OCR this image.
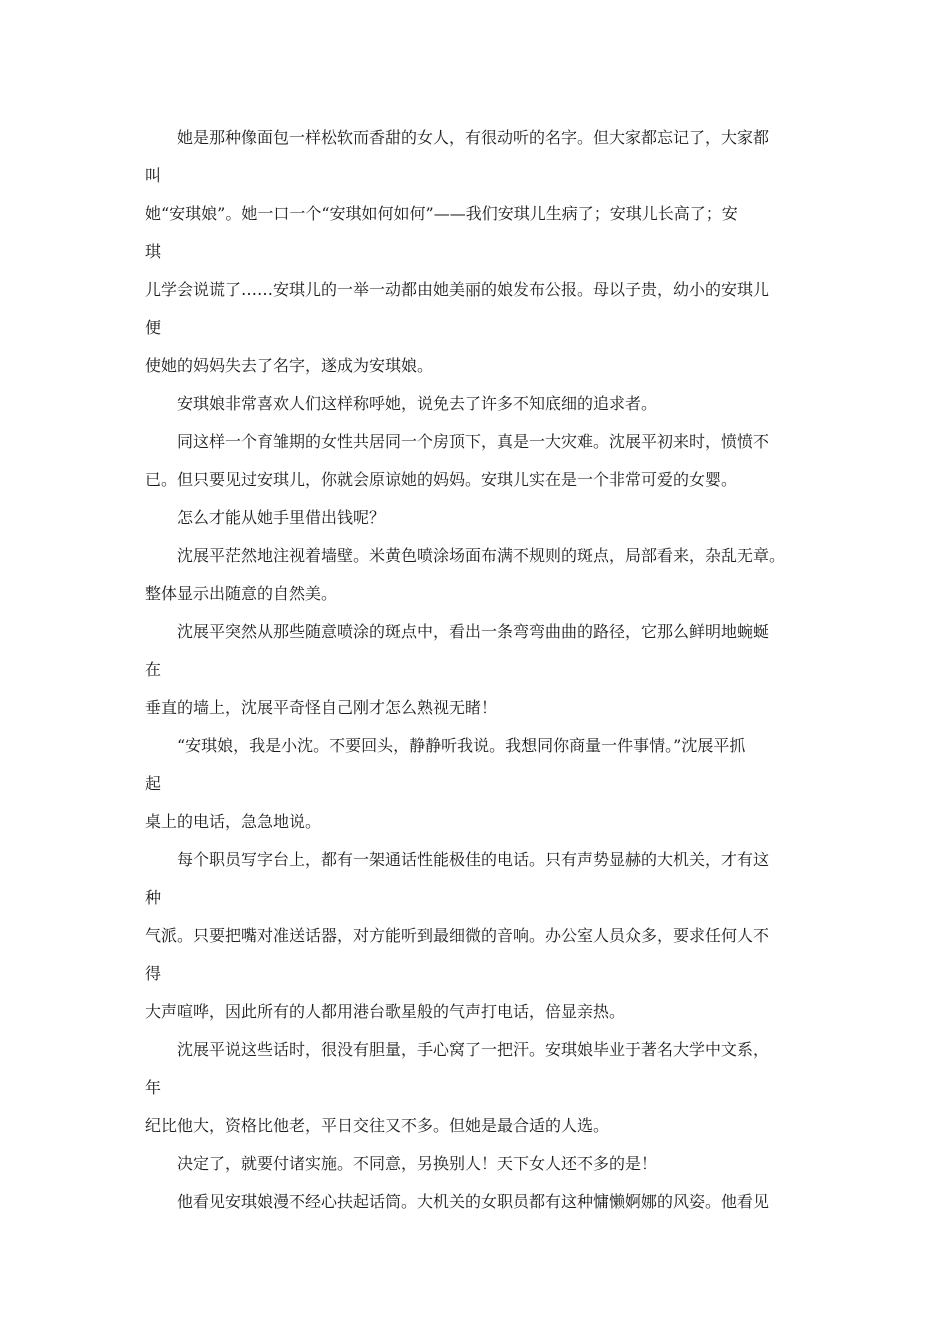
她是那种像面包一样松软而香甜的女人，有很动听的名字。但大家都忘记了，大家都
叫
她“安琪娘”。她一口一个“安琪如何如何”——我们安琪儿生病了；安琪儿长高了；安
琪
儿学会说谎了……安琪儿的一举一动都由她美丽的娘发布公报。母以子贵，幼小的安琪儿
便
使她的妈妈失去了名字，遂成为安琪娘。
安琪娘非常喜欢人们这样称呼她，说免去了许多不知底细的追求者。
同这样一个育雏期的女性共居同一个房顶下，真是一大灾难。沈展平初来时，愤愤不
已。但只要见过安琪儿，你就会原谅她的妈妈。安琪儿实在是一个非常可爱的女婴。
怎么才能从她手里借出钱呢？
沈展平茫然地注视着墙壁。米黄色喷涂场面布满不规则的斑点，局部看来，杂乱无章。
整体显示出随意的自然美。
沈展平突然从那些随意喷涂的斑点中，看出一条弯弯曲曲的路径，它那么鲜明地蜿蜒
在
垂直的墙上，沈展平奇怪自己刚才怎么熟视无睹！
“安琪娘，我是小沈。不要回头，静静听我说。我想同你商量一件事情。”沈展平抓
起
桌上的电话，急急地说。
每个职员写字台上，都有一架通话性能极佳的电话。只有声势显赫的大机关，才有这
种
气派。只要把嘴对准送话器，对方能听到最细微的音响。办公室人员众多，要求任何人不
得
大声喧哗，因此所有的人都用港台歌星般的气声打电话，倍显亲热。
沈展平说这些话时，很没有胆量，手心窝了一把汗。安琪娘毕业于著名大学中文系，
年
纪比他大，资格比他老，平日交往又不多。但她是最合适的人选。
决定了，就要付诸实施。不同意，另换别人！天下女人还不多的是！
他看见安琪娘漫不经心扶起话筒。大机关的女职员都有这种慵懒婀娜的风姿。他看见
